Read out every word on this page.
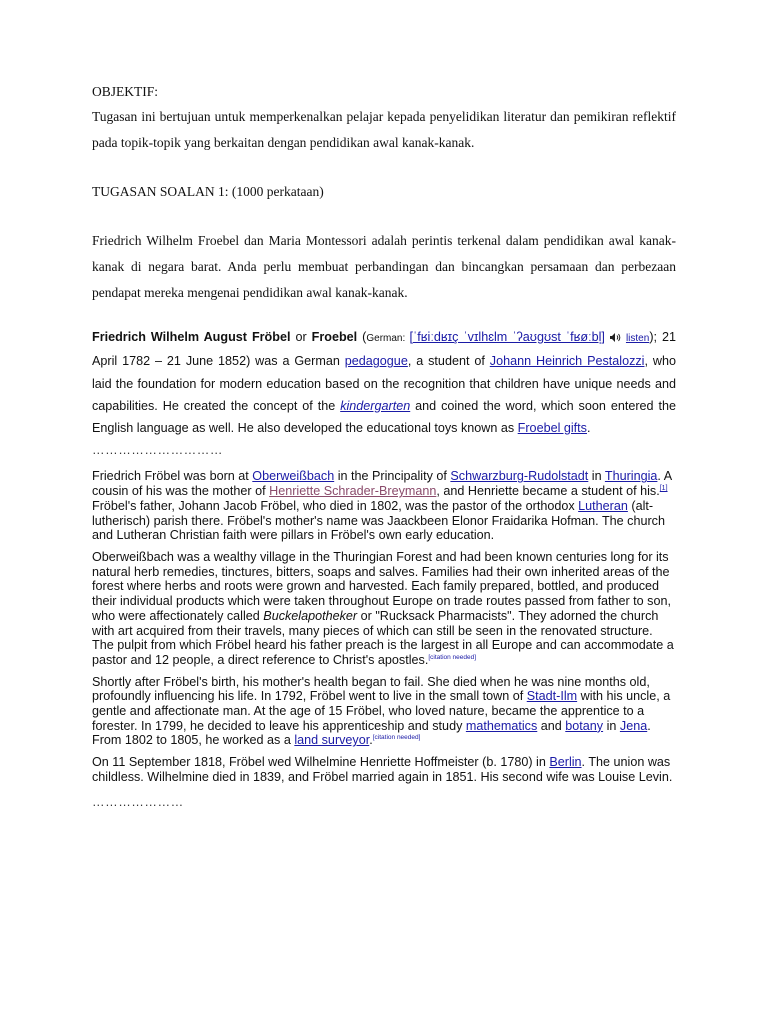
OBJEKTIF:

Tugasan ini bertujuan untuk memperkenalkan pelajar kepada penyelidikan literatur dan pemikiran reflektif pada topik-topik yang berkaitan dengan pendidikan awal kanak-kanak.

TUGASAN SOALAN 1: (1000 perkataan)

Friedrich Wilhelm Froebel dan Maria Montessori adalah perintis terkenal dalam pendidikan awal kanak-kanak di negara barat. Anda perlu membuat perbandingan dan bincangkan persamaan dan perbezaan pendapat mereka mengenai pendidikan awal kanak-kanak.

Friedrich Wilhelm August Fröbel or Froebel (German: [ˈfʁiːdʁɪç ˈvɪlhɛlm ˈʔaʊɡʊst ˈfʁøːbl̩] listen); 21 April 1782 – 21 June 1852) was a German pedagogue, a student of Johann Heinrich Pestalozzi, who laid the foundation for modern education based on the recognition that children have unique needs and capabilities. He created the concept of the kindergarten and coined the word, which soon entered the English language as well. He also developed the educational toys known as Froebel gifts.

…………………………

Friedrich Fröbel was born at Oberweißbach in the Principality of Schwarzburg-Rudolstadt in Thuringia. A cousin of his was the mother of Henriette Schrader-Breymann, and Henriette became a student of his.[1] Fröbel's father, Johann Jacob Fröbel, who died in 1802, was the pastor of the orthodox Lutheran (alt-lutherisch) parish there. Fröbel's mother's name was Jaackbeen Elonor Fraidarika Hofman. The church and Lutheran Christian faith were pillars in Fröbel's own early education.

Oberweißbach was a wealthy village in the Thuringian Forest and had been known centuries long for its natural herb remedies, tinctures, bitters, soaps and salves. Families had their own inherited areas of the forest where herbs and roots were grown and harvested. Each family prepared, bottled, and produced their individual products which were taken throughout Europe on trade routes passed from father to son, who were affectionately called Buckelapotheker or "Rucksack Pharmacists". They adorned the church with art acquired from their travels, many pieces of which can still be seen in the renovated structure. The pulpit from which Fröbel heard his father preach is the largest in all Europe and can accommodate a pastor and 12 people, a direct reference to Christ's apostles.[citation needed]

Shortly after Fröbel's birth, his mother's health began to fail. She died when he was nine months old, profoundly influencing his life. In 1792, Fröbel went to live in the small town of Stadt-Ilm with his uncle, a gentle and affectionate man. At the age of 15 Fröbel, who loved nature, became the apprentice to a forester. In 1799, he decided to leave his apprenticeship and study mathematics and botany in Jena. From 1802 to 1805, he worked as a land surveyor.[citation needed]

On 11 September 1818, Fröbel wed Wilhelmine Henriette Hoffmeister (b. 1780) in Berlin. The union was childless. Wilhelmine died in 1839, and Fröbel married again in 1851. His second wife was Louise Levin.

…………………
